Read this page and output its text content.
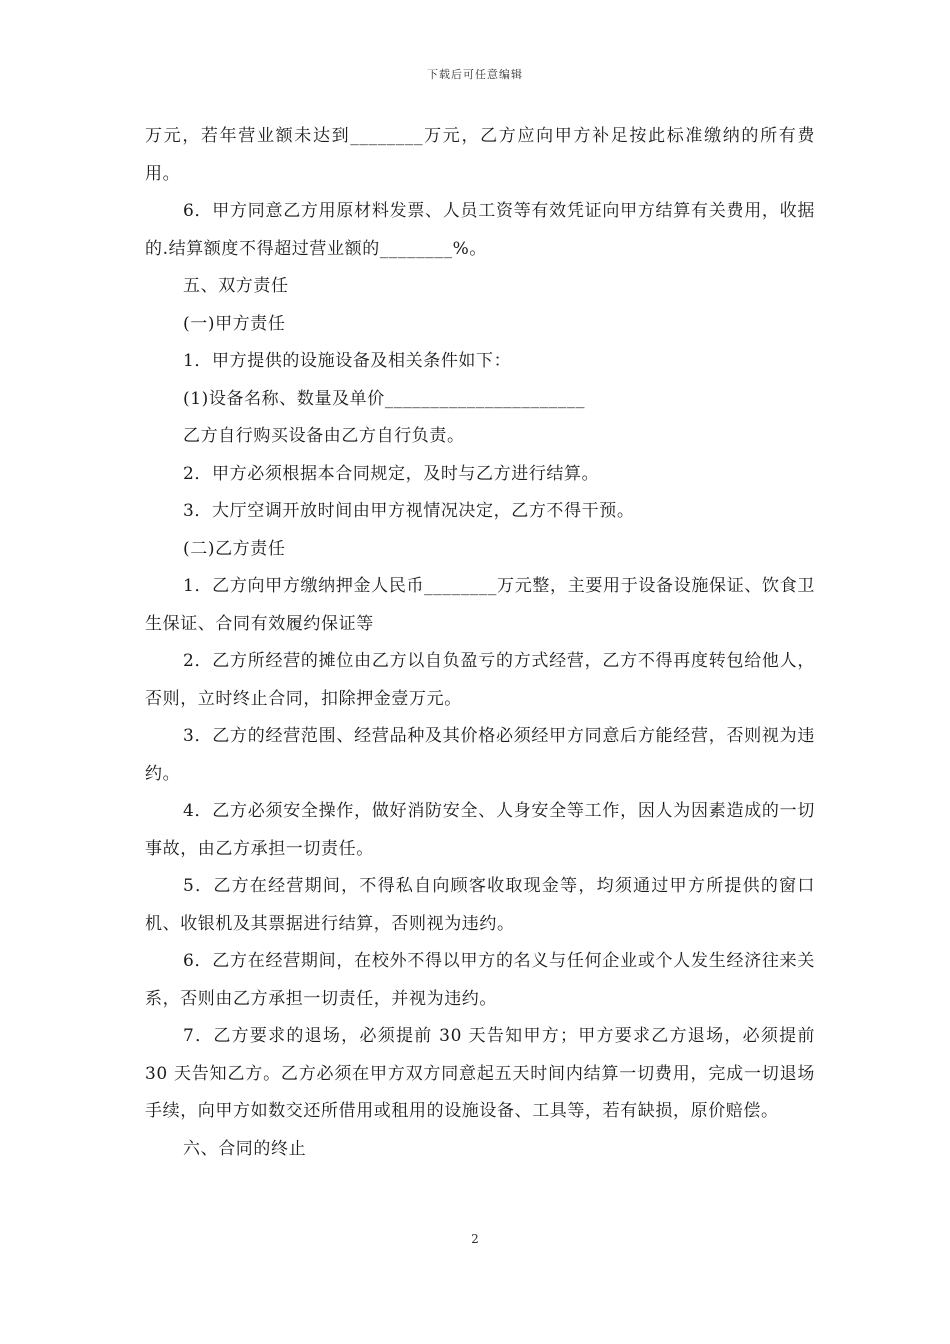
下载后可任意编辑

万元，若年营业额未达到________万元，乙方应向甲方补足按此标准缴纳的所有费用。

6．甲方同意乙方用原材料发票、人员工资等有效凭证向甲方结算有关费用，收据的.结算额度不得超过营业额的________%。

五、双方责任

(一)甲方责任

1．甲方提供的设施设备及相关条件如下：

(1)设备名称、数量及单价______________________

乙方自行购买设备由乙方自行负责。

2．甲方必须根据本合同规定，及时与乙方进行结算。

3．大厅空调开放时间由甲方视情况决定，乙方不得干预。

(二)乙方责任

1．乙方向甲方缴纳押金人民币________万元整，主要用于设备设施保证、饮食卫生保证、合同有效履约保证等

2．乙方所经营的摊位由乙方以自负盈亏的方式经营，乙方不得再度转包给他人，否则，立时终止合同，扣除押金壹万元。

3．乙方的经营范围、经营品种及其价格必须经甲方同意后方能经营，否则视为违约。

4．乙方必须安全操作，做好消防安全、人身安全等工作，因人为因素造成的一切事故，由乙方承担一切责任。

5．乙方在经营期间，不得私自向顾客收取现金等，均须通过甲方所提供的窗口机、收银机及其票据进行结算，否则视为违约。

6．乙方在经营期间，在校外不得以甲方的名义与任何企业或个人发生经济往来关系，否则由乙方承担一切责任，并视为违约。

7．乙方要求的退场，必须提前 30 天告知甲方；甲方要求乙方退场，必须提前 30 天告知乙方。乙方必须在甲方双方同意起五天时间内结算一切费用，完成一切退场手续，向甲方如数交还所借用或租用的设施设备、工具等，若有缺损，原价赔偿。

六、合同的终止

2
